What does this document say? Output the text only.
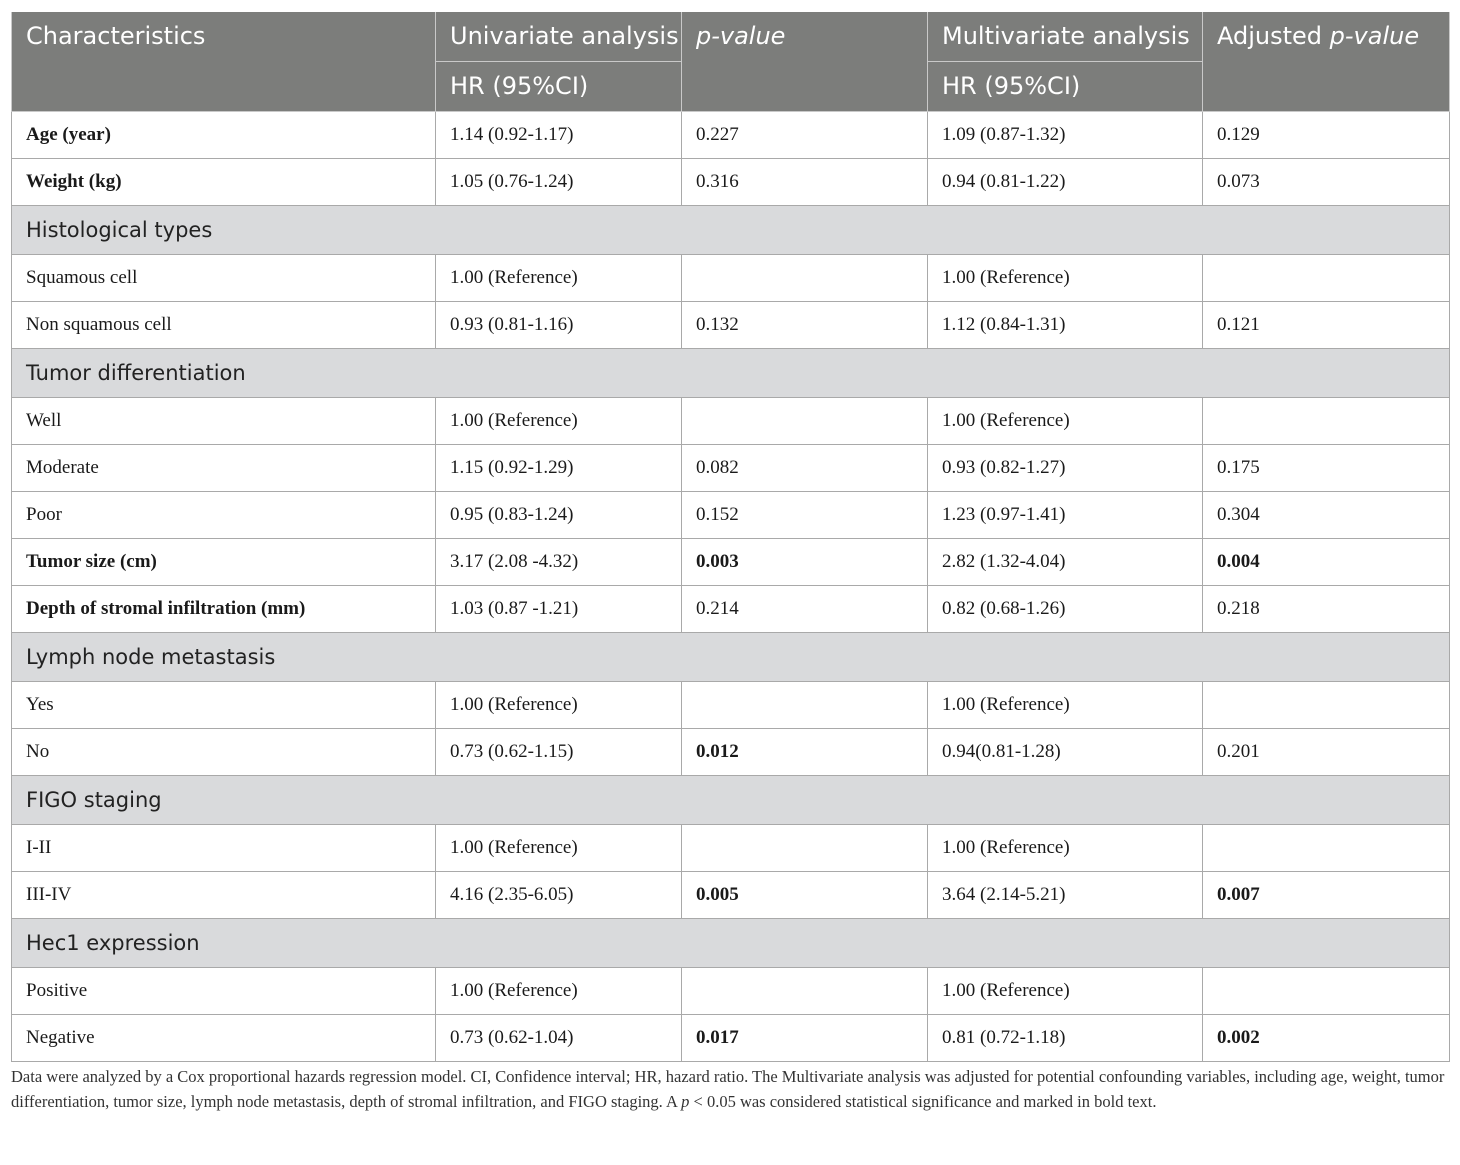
Characteristics	Univariate analysis	p-value	Multivariate analysis	Adjusted p-value
	HR (95%CI)		HR (95%CI)	
Age (year)	1.14 (0.92-1.17)	0.227	1.09 (0.87-1.32)	0.129
Weight (kg)	1.05 (0.76-1.24)	0.316	0.94 (0.81-1.22)	0.073
Histological types				
Squamous cell	1.00 (Reference)		1.00 (Reference)	
Non squamous cell	0.93 (0.81-1.16)	0.132	1.12 (0.84-1.31)	0.121
Tumor differentiation				
Well	1.00 (Reference)		1.00 (Reference)	
Moderate	1.15 (0.92-1.29)	0.082	0.93 (0.82-1.27)	0.175
Poor	0.95 (0.83-1.24)	0.152	1.23 (0.97-1.41)	0.304
Tumor size (cm)	3.17 (2.08 -4.32)	0.003	2.82 (1.32-4.04)	0.004
Depth of stromal infiltration (mm)	1.03 (0.87 -1.21)	0.214	0.82 (0.68-1.26)	0.218
Lymph node metastasis				
Yes	1.00 (Reference)		1.00 (Reference)	
No	0.73 (0.62-1.15)	0.012	0.94(0.81-1.28)	0.201
FIGO staging				
I-II	1.00 (Reference)		1.00 (Reference)	
III-IV	4.16 (2.35-6.05)	0.005	3.64 (2.14-5.21)	0.007
Hec1 expression				
Positive	1.00 (Reference)		1.00 (Reference)	
Negative	0.73 (0.62-1.04)	0.017	0.81 (0.72-1.18)	0.002
Data were analyzed by a Cox proportional hazards regression model. CI, Confidence interval; HR, hazard ratio. The Multivariate analysis was adjusted for potential confounding variables, including age, weight, tumor differentiation, tumor size, lymph node metastasis, depth of stromal infiltration, and FIGO staging. A p < 0.05 was considered statistical significance and marked in bold text.
